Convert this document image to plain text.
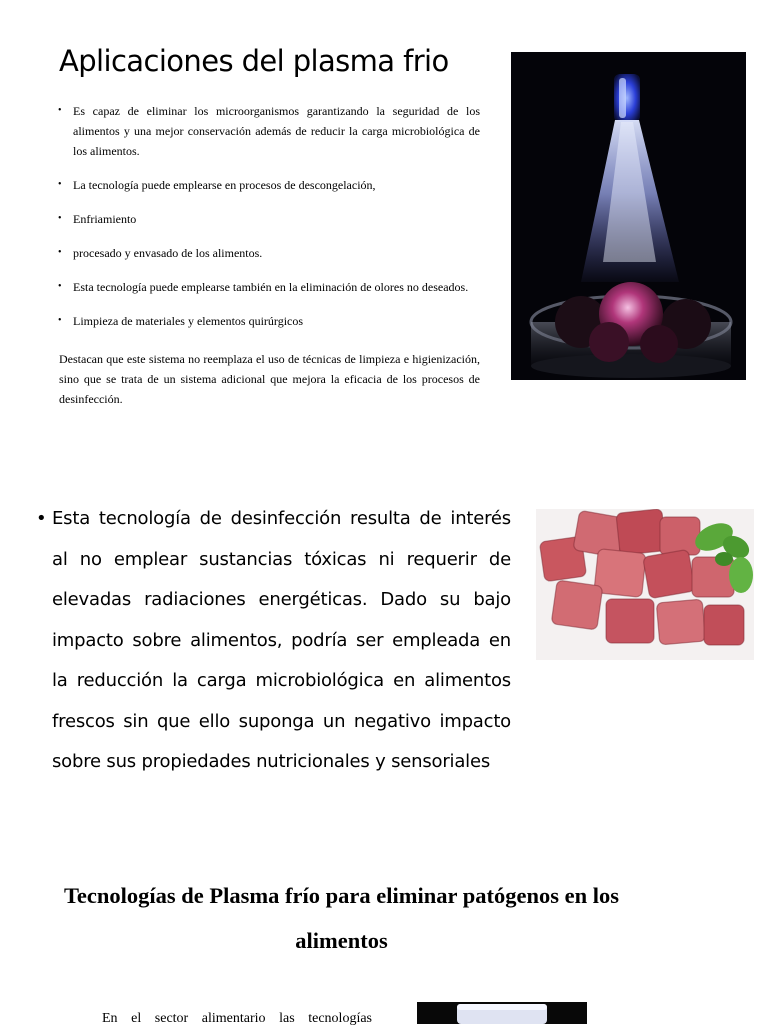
Aplicaciones del plasma frio
• Es capaz de eliminar los microorganismos garantizando la seguridad de los alimentos y una mejor conservación además de reducir la carga microbiológica de los alimentos.
• La tecnología puede emplearse en procesos de descongelación,
• Enfriamiento
• procesado y envasado de los alimentos.
• Esta tecnología puede emplearse también en la eliminación de olores no deseados.
• Limpieza de materiales y elementos quirúrgicos

Destacan que este sistema no reemplaza el uso de técnicas de limpieza e higienización, sino que se trata de un sistema adicional que mejora la eficacia de los procesos de desinfección.

• Esta tecnología de desinfección resulta de interés al no emplear sustancias tóxicas ni requerir de elevadas radiaciones energéticas. Dado su bajo impacto sobre alimentos, podría ser empleada en la reducción la carga microbiológica en alimentos frescos sin que ello suponga un negativo impacto sobre sus propiedades nutricionales y sensoriales

Tecnologías de Plasma frío para eliminar patógenos en los alimentos

En el sector alimentario las tecnologías
